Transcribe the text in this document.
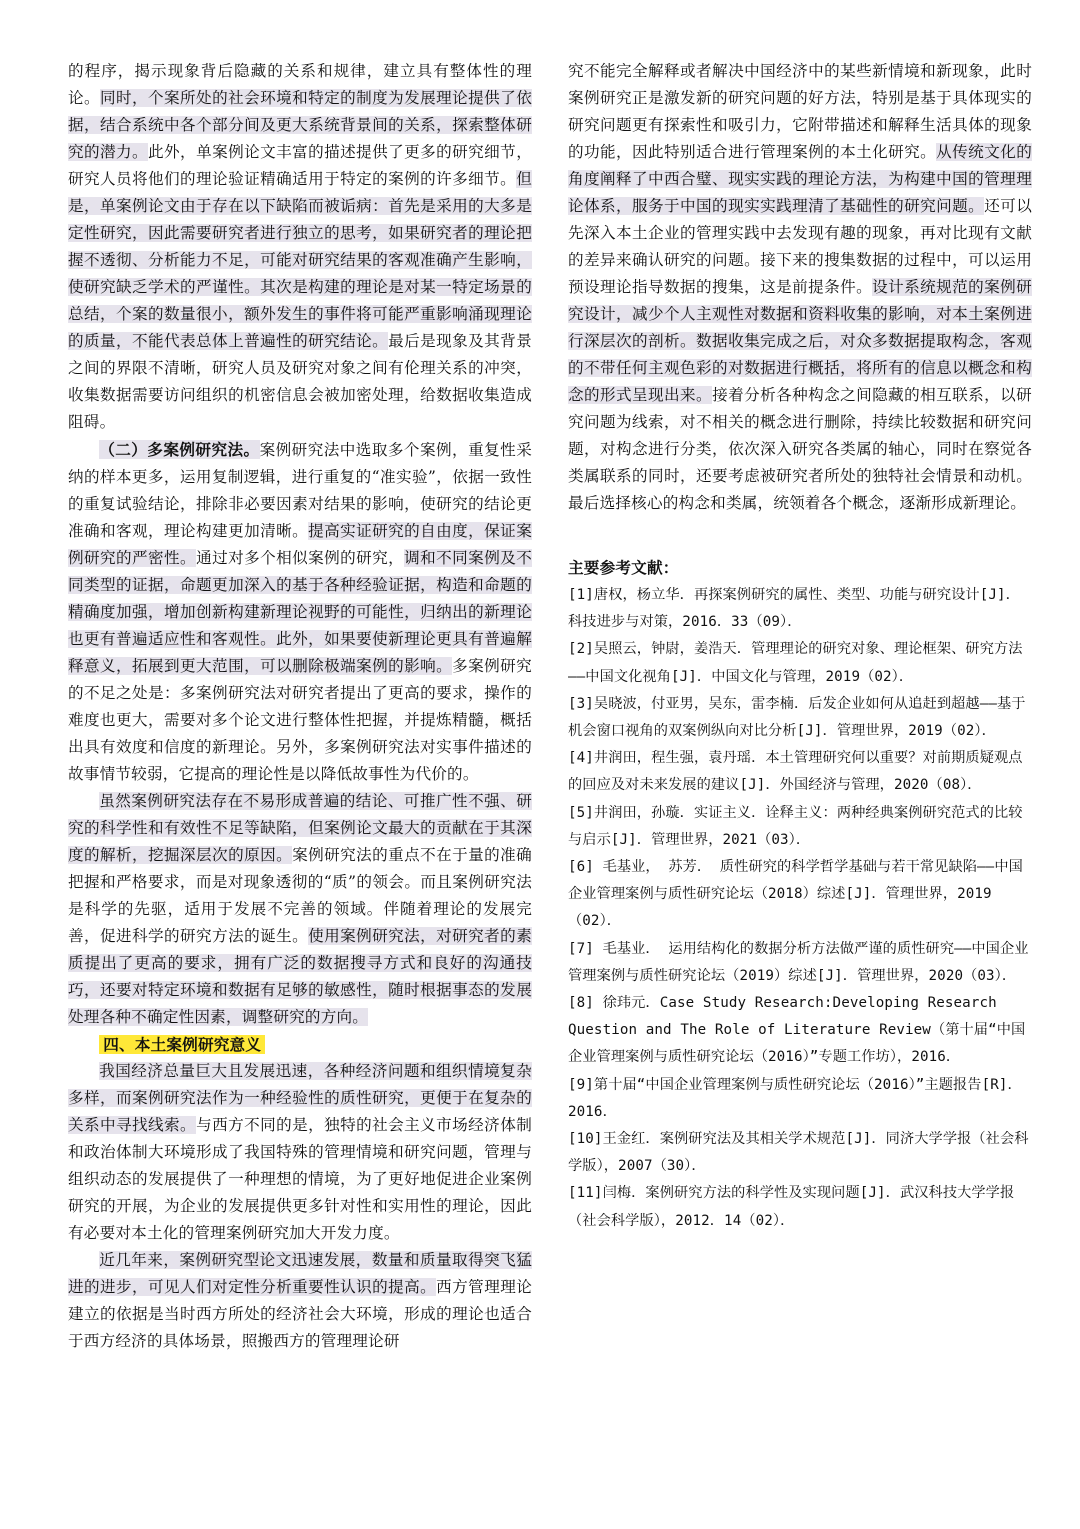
的程序，揭示现象背后隐藏的关系和规律，建立具有整体性的理论。同时，个案所处的社会环境和特定的制度为发展理论提供了依据，结合系统中各个部分间及更大系统背景间的关系，探索整体研究的潜力。此外，单案例论文丰富的描述提供了更多的研究细节，研究人员将他们的理论验证精确适用于特定的案例的许多细节。但是，单案例论文由于存在以下缺陷而被诟病：首先是采用的大多是定性研究，因此需要研究者进行独立的思考，如果研究者的理论把握不透彻、分析能力不足，可能对研究结果的客观准确产生影响，使研究缺乏学术的严谨性。其次是构建的理论是对某一特定场景的总结，个案的数量很小，额外发生的事件将可能严重影响涌现理论的质量，不能代表总体上普遍性的研究结论。最后是现象及其背景之间的界限不清晰，研究人员及研究对象之间有伦理关系的冲突，收集数据需要访问组织的机密信息会被加密处理，给数据收集造成阻碍。

（二）多案例研究法。案例研究法中选取多个案例，重复性采纳的样本更多，运用复制逻辑，进行重复的“准实验”，依据一致性的重复试验结论，排除非必要因素对结果的影响，使研究的结论更准确和客观，理论构建更加清晰。提高实证研究的自由度，保证案例研究的严密性。通过对多个相似案例的研究，调和不同案例及不同类型的证据，命题更加深入的基于各种经验证据，构造和命题的精确度加强，增加创新构建新理论视野的可能性，归纳出的新理论也更有普遍适应性和客观性。此外，如果要使新理论更具有普遍解释意义，拓展到更大范围，可以删除极端案例的影响。多案例研究的不足之处是：多案例研究法对研究者提出了更高的要求，操作的难度也更大，需要对多个论文进行整体性把握，并提炼精髓，概括出具有效度和信度的新理论。另外，多案例研究法对实事件描述的故事情节较弱，它提高的理论性是以降低故事性为代价的。

虽然案例研究法存在不易形成普遍的结论、可推广性不强、研究的科学性和有效性不足等缺陷，但案例论文最大的贡献在于其深度的解析，挖掘深层次的原因。案例研究法的重点不在于量的准确把握和严格要求，而是对现象透彻的“质”的领会。而且案例研究法是科学的先驱，适用于发展不完善的领域。伴随着理论的发展完善，促进科学的研究方法的诞生。使用案例研究法，对研究者的素质提出了更高的要求，拥有广泛的数据搜寻方式和良好的沟通技巧，还要对特定环境和数据有足够的敏感性，随时根据事态的发展处理各种不确定性因素，调整研究的方向。

四、本土案例研究意义

我国经济总量巨大且发展迅速，各种经济问题和组织情境复杂多样，而案例研究法作为一种经验性的质性研究，更便于在复杂的关系中寻找线索。与西方不同的是，独特的社会主义市场经济体制和政治体制大环境形成了我国特殊的管理情境和研究问题，管理与组织动态的发展提供了一种理想的情境，为了更好地促进企业案例研究的开展，为企业的发展提供更多针对性和实用性的理论，因此有必要对本土化的管理案例研究加大开发力度。

近几年来，案例研究型论文迅速发展，数量和质量取得突飞猛进的进步，可见人们对定性分析重要性认识的提高。西方管理理论建立的依据是当时西方所处的经济社会大环境，形成的理论也适合于西方经济的具体场景，照搬西方的管理理论研

究不能完全解释或者解决中国经济中的某些新情境和新现象，此时案例研究正是激发新的研究问题的好方法，特别是基于具体现实的研究问题更有探索性和吸引力，它附带描述和解释生活具体的现象的功能，因此特别适合进行管理案例的本土化研究。从传统文化的角度阐释了中西合璧、现实实践的理论方法，为构建中国的管理理论体系，服务于中国的现实实践理清了基础性的研究问题。还可以先深入本土企业的管理实践中去发现有趣的现象，再对比现有文献的差异来确认研究的问题。接下来的搜集数据的过程中，可以运用预设理论指导数据的搜集，这是前提条件。设计系统规范的案例研究设计，减少个人主观性对数据和资料收集的影响，对本土案例进行深层次的剖析。数据收集完成之后，对众多数据提取构念，客观的不带任何主观色彩的对数据进行概括，将所有的信息以概念和构念的形式呈现出来。接着分析各种构念之间隐藏的相互联系，以研究问题为线索，对不相关的概念进行删除，持续比较数据和研究问题，对构念进行分类，依次深入研究各类属的轴心，同时在察觉各类属联系的同时，还要考虑被研究者所处的独特社会情景和动机。最后选择核心的构念和类属，统领着各个概念，逐渐形成新理论。

主要参考文献：

[1]唐权，杨立华．再探案例研究的属性、类型、功能与研究设计[J]．科技进步与对策，2016．33（09）．

[2]吴照云，钟尉，姜浩天．管理理论的研究对象、理论框架、研究方法——中国文化视角[J]．中国文化与管理，2019（02）．

[3]吴晓波，付亚男，吴东，雷李楠．后发企业如何从追赶到超越——基于机会窗口视角的双案例纵向对比分析[J]．管理世界，2019（02）．

[4]井润田，程生强，袁丹瑶．本土管理研究何以重要？对前期质疑观点的回应及对未来发展的建议[J]．外国经济与管理，2020（08）．

[5]井润田，孙璇．实证主义．诠释主义：两种经典案例研究范式的比较与启示[J]．管理世界，2021（03）．

[6] 毛基业， 苏芳． 质性研究的科学哲学基础与若干常见缺陷——中国企业管理案例与质性研究论坛（2018）综述[J]．管理世界，2019（02）．

[7] 毛基业． 运用结构化的数据分析方法做严谨的质性研究——中国企业管理案例与质性研究论坛（2019）综述[J]．管理世界，2020（03）．

[8] 徐玮元．Case Study Research:Developing Research Question and The Role of Literature Review（第十届“中国企业管理案例与质性研究论坛（2016）”专题工作坊），2016．

[9]第十届“中国企业管理案例与质性研究论坛（2016）”主题报告[R]．2016．

[10]王金红．案例研究法及其相关学术规范[J]．同济大学学报（社会科学版），2007（30）．

[11]闫梅．案例研究方法的科学性及实现问题[J]．武汉科技大学学报（社会科学版），2012．14（02）．
